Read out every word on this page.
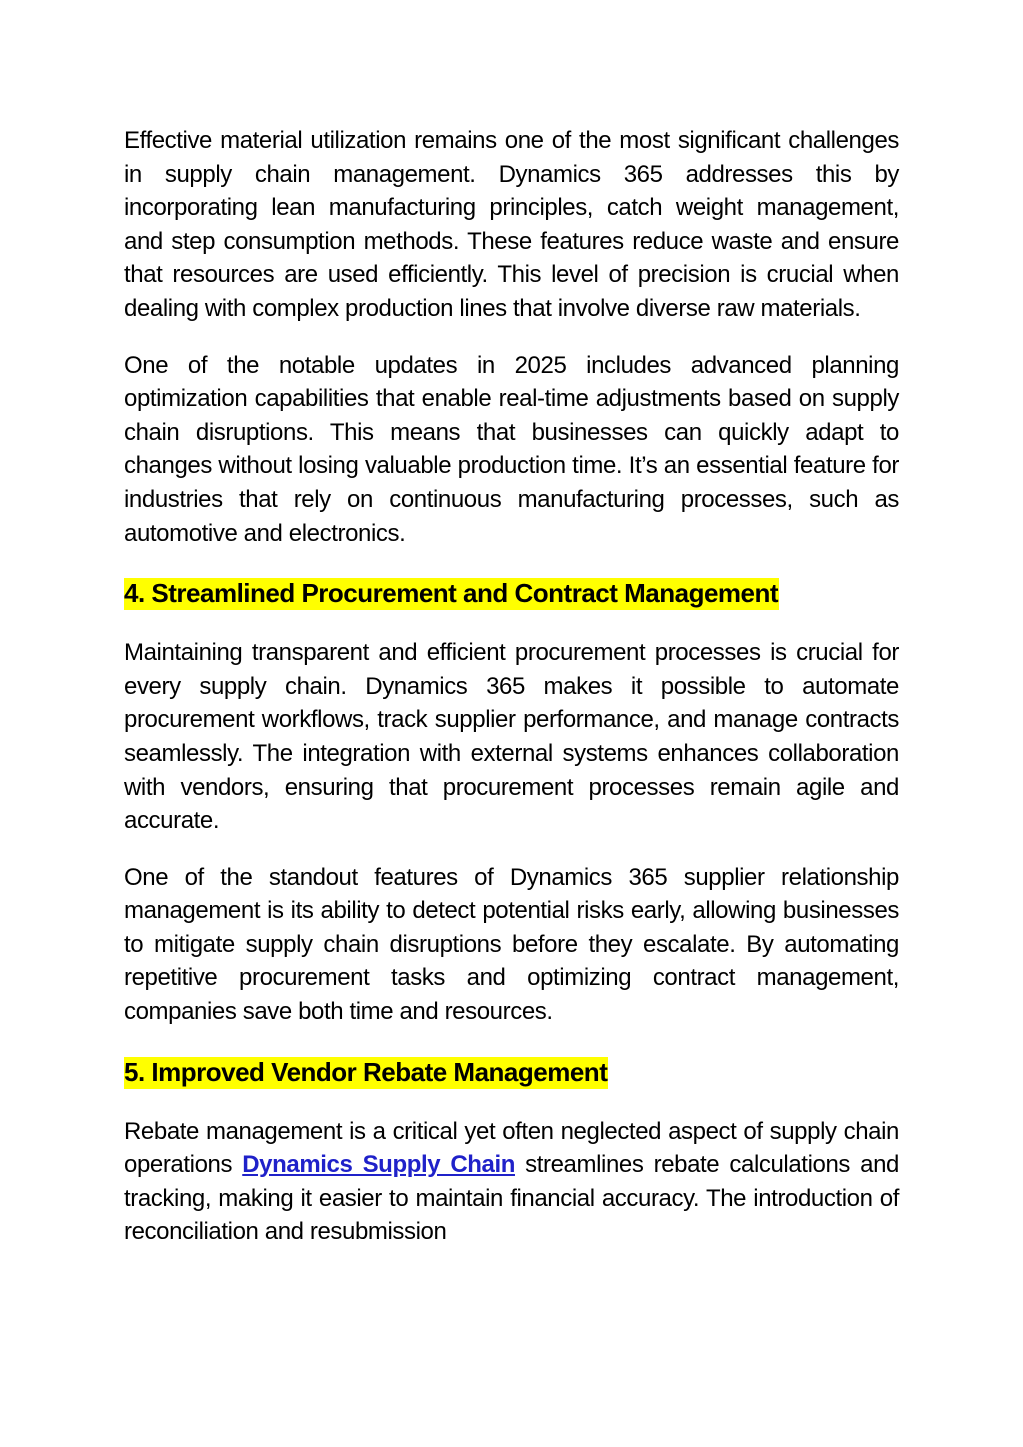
Effective material utilization remains one of the most significant challenges in supply chain management. Dynamics 365 addresses this by incorporating lean manufacturing principles, catch weight management, and step consumption methods. These features reduce waste and ensure that resources are used efficiently. This level of precision is crucial when dealing with complex production lines that involve diverse raw materials.

One of the notable updates in 2025 includes advanced planning optimization capabilities that enable real-time adjustments based on supply chain disruptions. This means that businesses can quickly adapt to changes without losing valuable production time. It’s an essential feature for industries that rely on continuous manufacturing processes, such as automotive and electronics.

4. Streamlined Procurement and Contract Management

Maintaining transparent and efficient procurement processes is crucial for every supply chain. Dynamics 365 makes it possible to automate procurement workflows, track supplier performance, and manage contracts seamlessly. The integration with external systems enhances collaboration with vendors, ensuring that procurement processes remain agile and accurate.

One of the standout features of Dynamics 365 supplier relationship management is its ability to detect potential risks early, allowing businesses to mitigate supply chain disruptions before they escalate. By automating repetitive procurement tasks and optimizing contract management, companies save both time and resources.

5. Improved Vendor Rebate Management

Rebate management is a critical yet often neglected aspect of supply chain operations Dynamics Supply Chain streamlines rebate calculations and tracking, making it easier to maintain financial accuracy. The introduction of reconciliation and resubmission
